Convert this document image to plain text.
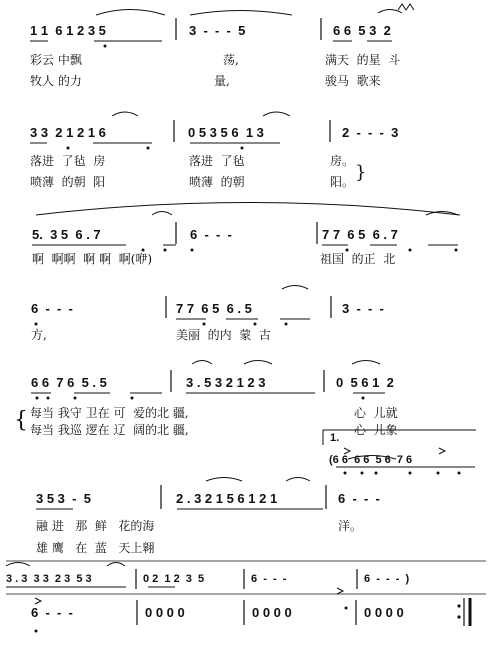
}
{
1 1  6 1 2 3 5	3  -  -  -  5	6 6  5 3  2
彩云 中飘	荡,	满天  的星  斗
牧人 的力	量,	骏马  歌来
3 3  2 1 2 1 6	0 5 3 5 6  1 3	2  -  -  -  3
落进  了毡  房	落进  了毡	房。
喷薄  的朝  阳	喷薄  的朝	阳。
5.  3 5  6 . 7	6  -  -  -	7 7  6 5  6 . 7
啊  啊啊  啊 啊  啊(咿)	祖国  的正  北
6  -  -  -	7 7  6 5  6 . 5	3  -  -  -
方,	美丽  的内  蒙  古
6 6  7 6  5 . 5	3 . 5 3 2 1 2 3	0  5 6 1  2
每当 我守 卫在 可  爱的北 疆,	心  儿就
每当 我巡 逻在 辽  阔的北 疆,	心  儿象
1.
(6 6  6 6  5 6  7 6
3 5 3  -  5	2 . 3 2 1 5 6 1 2 1	6  -  -  -
融 进   那  鲜   花的海	洋。
雄 鹰   在  蓝   天上翱
3 . 3  3 3  2 3  5 3	0 2  1 2  3  5	6  -  -  -	6  -  -  -  )
6  -  -  -	0 0 0 0	0 0 0 0	0 0 0 0
